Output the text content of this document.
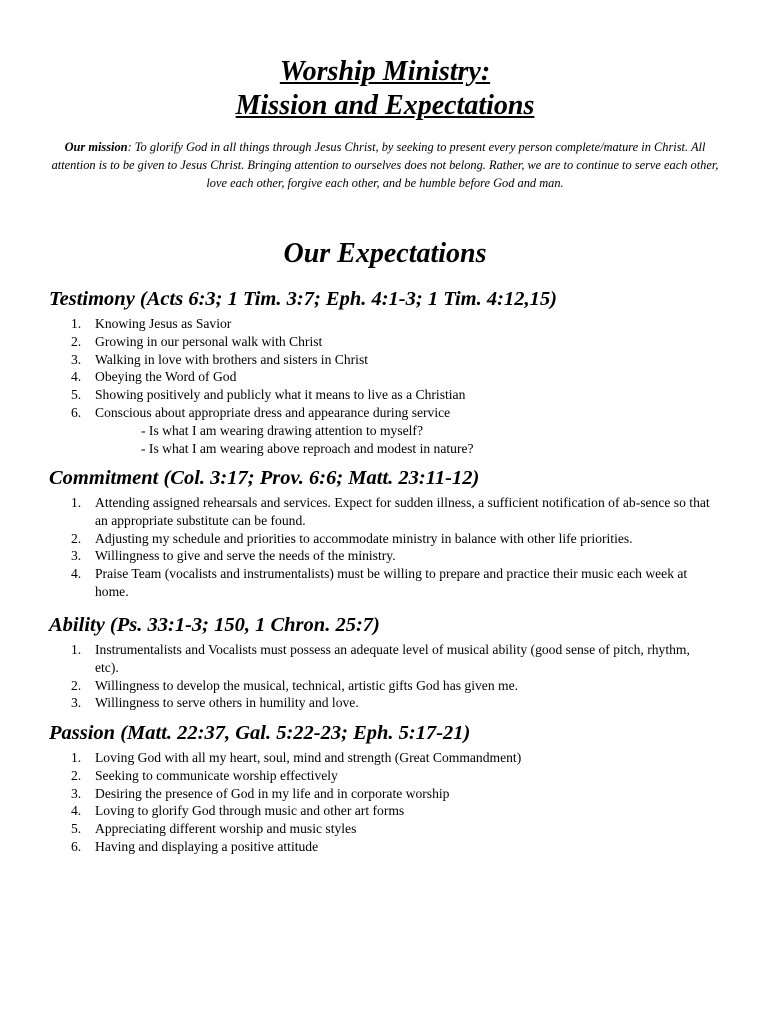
Worship Ministry:
Mission and Expectations
Our mission: To glorify God in all things through Jesus Christ, by seeking to present every person complete/mature in Christ. All attention is to be given to Jesus Christ. Bringing attention to ourselves does not belong. Rather, we are to continue to serve each other, love each other, forgive each other, and be humble before God and man.
Our Expectations
Testimony (Acts 6:3; 1 Tim. 3:7; Eph. 4:1-3; 1 Tim. 4:12,15)
1. Knowing Jesus as Savior
2. Growing in our personal walk with Christ
3. Walking in love with brothers and sisters in Christ
4. Obeying the Word of God
5. Showing positively and publicly what it means to live as a Christian
6. Conscious about appropriate dress and appearance during service
- Is what I am wearing drawing attention to myself?
- Is what I am wearing above reproach and modest in nature?
Commitment (Col. 3:17; Prov. 6:6; Matt. 23:11-12)
1. Attending assigned rehearsals and services. Expect for sudden illness, a sufficient notification of ab-sence so that an appropriate substitute can be found.
2. Adjusting my schedule and priorities to accommodate ministry in balance with other life priorities.
3. Willingness to give and serve the needs of the ministry.
4. Praise Team (vocalists and instrumentalists) must be willing to prepare and practice their music each week at home.
Ability (Ps. 33:1-3; 150, 1 Chron. 25:7)
1. Instrumentalists and Vocalists must possess an adequate level of musical ability (good sense of pitch, rhythm, etc).
2. Willingness to develop the musical, technical, artistic gifts God has given me.
3. Willingness to serve others in humility and love.
Passion (Matt. 22:37, Gal. 5:22-23; Eph. 5:17-21)
1. Loving God with all my heart, soul, mind and strength (Great Commandment)
2. Seeking to communicate worship effectively
3. Desiring the presence of God in my life and in corporate worship
4. Loving to glorify God through music and other art forms
5. Appreciating different worship and music styles
6. Having and displaying a positive attitude
